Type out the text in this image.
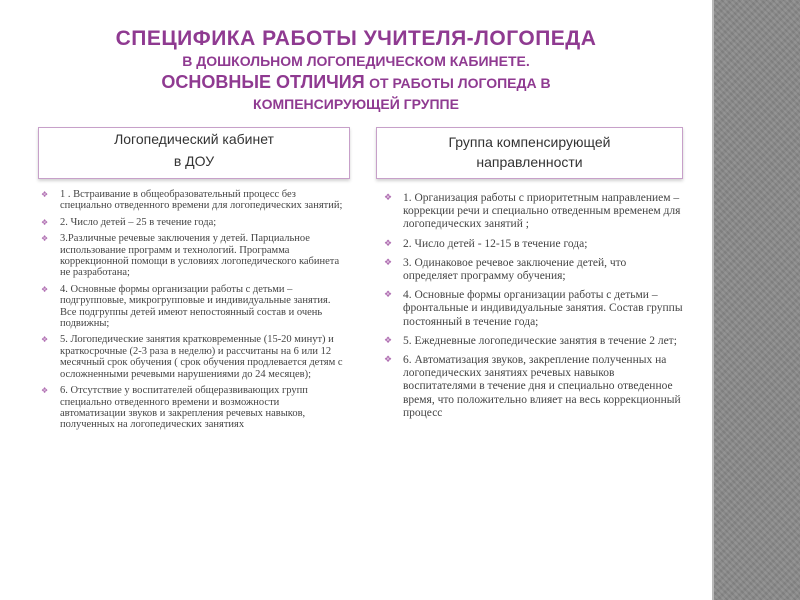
СПЕЦИФИКА РАБОТЫ УЧИТЕЛЯ-ЛОГОПЕДА
В ДОШКОЛЬНОМ ЛОГОПЕДИЧЕСКОМ КАБИНЕТЕ.
ОСНОВНЫЕ ОТЛИЧИЯ ОТ РАБОТЫ ЛОГОПЕДА В
КОМПЕНСИРУЮЩЕЙ ГРУППЕ
Логопедический кабинет
в ДОУ
Группа компенсирующей
направленности
❖ 1 . Встраивание в общеобразовательный процесс без специально отведенного времени для логопедических занятий;
❖ 2. Число детей – 25 в течение года;
❖ 3.Различные речевые заключения у детей. Парциальное использование программ и технологий. Программа коррекционной помощи в условиях логопедического кабинета не разработана;
❖ 4. Основные формы организации работы с детьми – подгрупповые, микрогрупповые и индивидуальные занятия. Все подгруппы детей имеют непостоянный состав и очень подвижны;
❖ 5. Логопедические занятия кратковременные (15-20 минут) и краткосрочные (2-3 раза в неделю) и рассчитаны на 6 или 12 месячный срок обучения ( срок обучения продлевается детям с осложненными речевыми нарушениями до 24 месяцев);
❖ 6. Отсутствие у воспитателей общеразвивающих групп специально отведенного времени и возможности автоматизации звуков и закрепления речевых навыков, полученных на логопедических занятиях
❖ 1. Организация работы с приоритетным направлением – коррекции речи и специально отведенным временем для логопедических занятий ;
❖ 2. Число детей - 12-15 в течение года;
❖ 3. Одинаковое речевое заключение детей, что определяет программу обучения;
❖ 4. Основные формы организации работы с детьми – фронтальные и индивидуальные занятия. Состав группы постоянный в течение года;
❖ 5. Ежедневные логопедические занятия в течение 2 лет;
❖ 6. Автоматизация звуков, закрепление полученных на логопедических занятиях речевых навыков воспитателями в течение дня и специально отведенное время, что положительно влияет на весь коррекционный процесс
